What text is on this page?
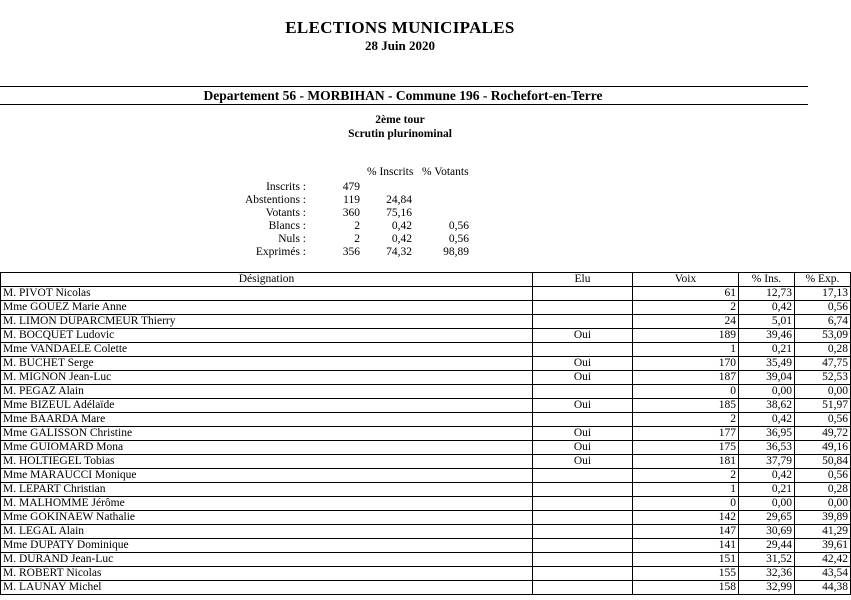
ELECTIONS MUNICIPALES
28 Juin 2020
Departement 56 - MORBIHAN - Commune 196 - Rochefort-en-Terre
2ème tour
Scrutin plurinominal
% Inscrits % Votants
Inscrits :	479
Abstentions :	119	24,84
Votants :	360	75,16
Blancs :	2	0,42	0,56
Nuls :	2	0,42	0,56
Exprimés :	356	74,32	98,89
Désignation	Elu	Voix	% Ins.	% Exp.
M. PIVOT Nicolas		61	12,73	17,13
Mme GOUEZ Marie Anne		2	0,42	0,56
M. LIMON DUPARCMEUR Thierry		24	5,01	6,74
M. BOCQUET Ludovic	Oui	189	39,46	53,09
Mme VANDAELE Colette		1	0,21	0,28
M. BUCHET Serge	Oui	170	35,49	47,75
M. MIGNON Jean-Luc	Oui	187	39,04	52,53
M. PEGAZ Alain		0	0,00	0,00
Mme BIZEUL Adélaïde	Oui	185	38,62	51,97
Mme BAARDA Mare		2	0,42	0,56
Mme GALISSON Christine	Oui	177	36,95	49,72
Mme GUIOMARD Mona	Oui	175	36,53	49,16
M. HOLTIEGEL Tobias	Oui	181	37,79	50,84
Mme MARAUCCI Monique		2	0,42	0,56
M. LEPART Christian		1	0,21	0,28
M. MALHOMME Jérôme		0	0,00	0,00
Mme GOKINAEW Nathalie		142	29,65	39,89
M. LEGAL Alain		147	30,69	41,29
Mme DUPATY Dominique		141	29,44	39,61
M. DURAND Jean-Luc		151	31,52	42,42
M. ROBERT Nicolas		155	32,36	43,54
M. LAUNAY Michel		158	32,99	44,38
